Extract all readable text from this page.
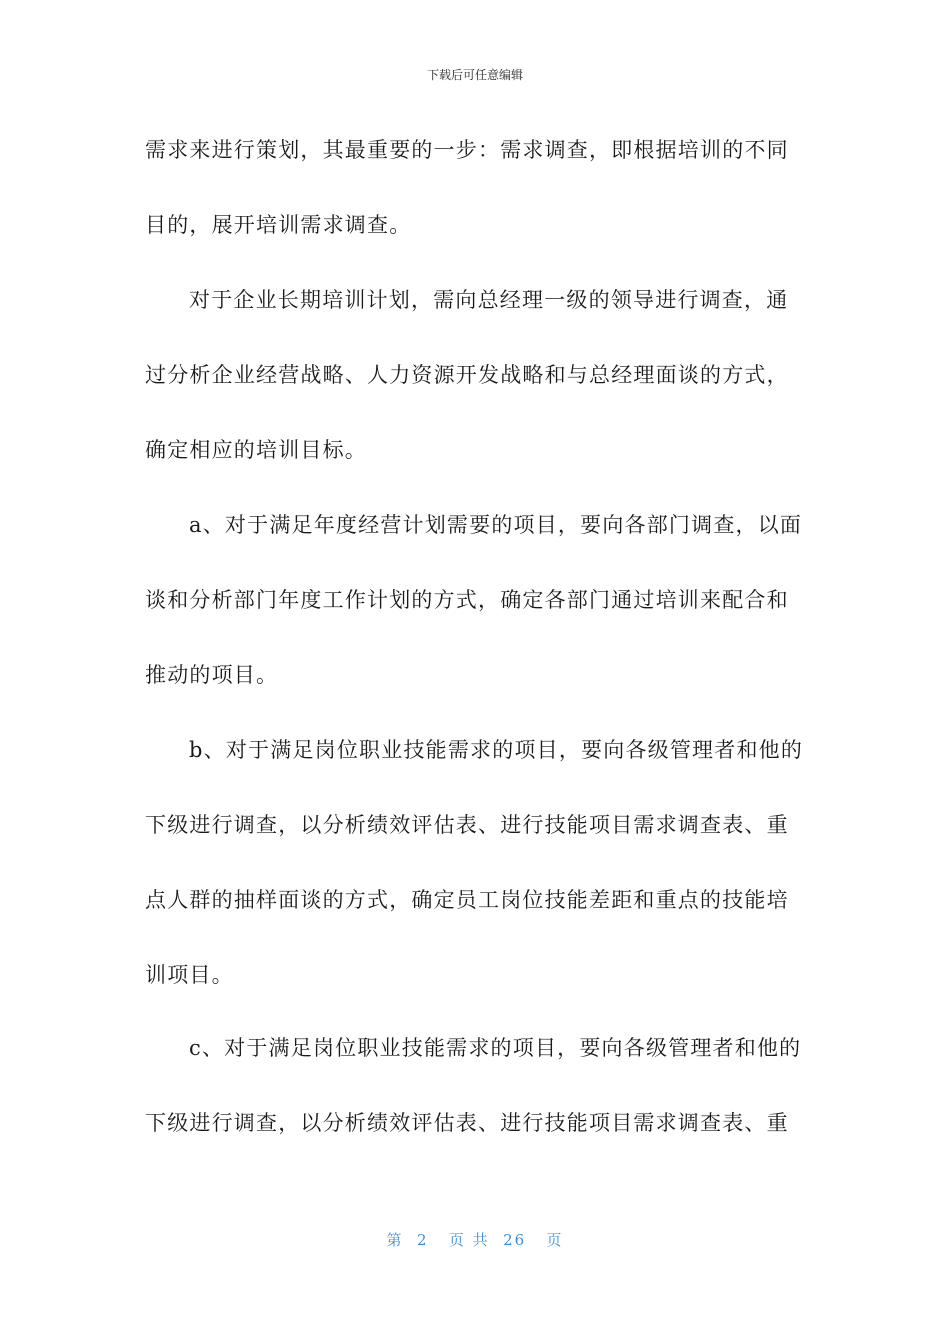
下载后可任意编辑
需求来进行策划，其最重要的一步：需求调查，即根据培训的不同
目的，展开培训需求调查。
对于企业长期培训计划，需向总经理一级的领导进行调查，通
过分析企业经营战略、人力资源开发战略和与总经理面谈的方式，
确定相应的培训目标。
a、对于满足年度经营计划需要的项目，要向各部门调查，以面
谈和分析部门年度工作计划的方式，确定各部门通过培训来配合和
推动的项目。
b、对于满足岗位职业技能需求的项目，要向各级管理者和他的
下级进行调查，以分析绩效评估表、进行技能项目需求调查表、重
点人群的抽样面谈的方式，确定员工岗位技能差距和重点的技能培
训项目。
c、对于满足岗位职业技能需求的项目，要向各级管理者和他的
下级进行调查，以分析绩效评估表、进行技能项目需求调查表、重
第  2   页 共  26   页
